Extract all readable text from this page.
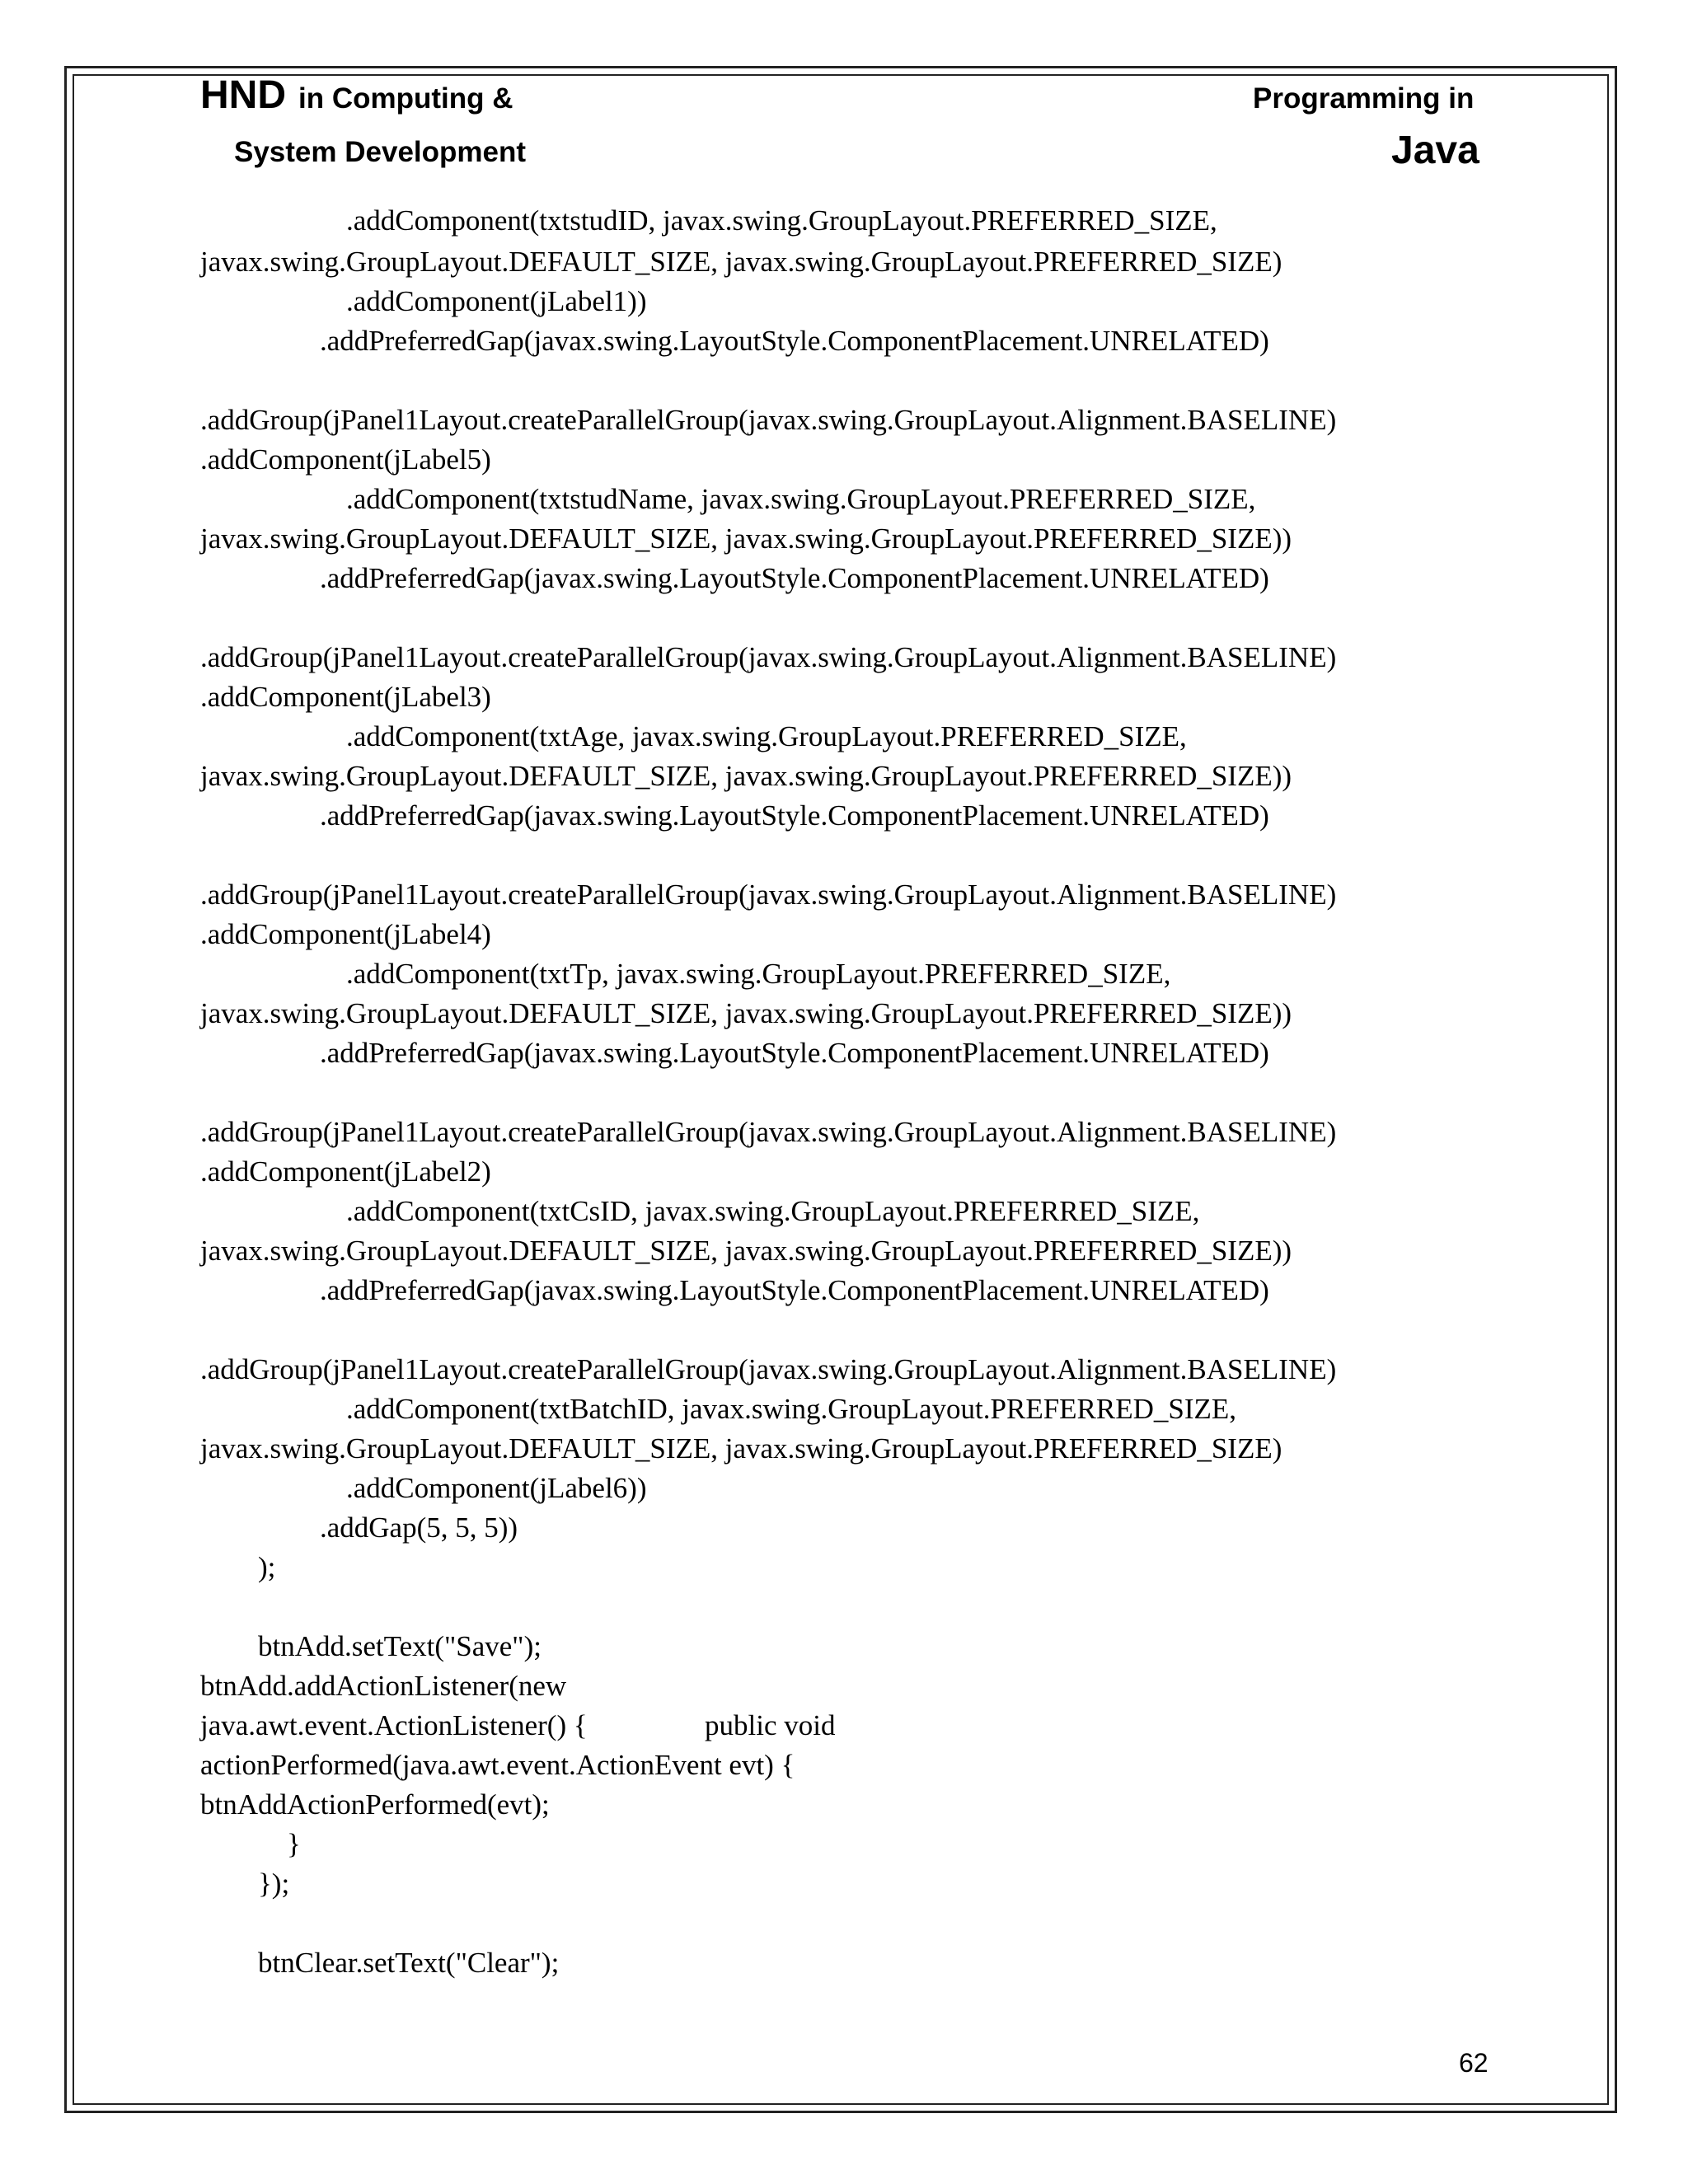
HND in Computing &
System Development
Programming in
Java
.addComponent(txtstudID, javax.swing.GroupLayout.PREFERRED_SIZE,
javax.swing.GroupLayout.DEFAULT_SIZE, javax.swing.GroupLayout.PREFERRED_SIZE)
.addComponent(jLabel1))
.addPreferredGap(javax.swing.LayoutStyle.ComponentPlacement.UNRELATED)
.addGroup(jPanel1Layout.createParallelGroup(javax.swing.GroupLayout.Alignment.BASELINE)
.addComponent(jLabel5)
.addComponent(txtstudName, javax.swing.GroupLayout.PREFERRED_SIZE,
javax.swing.GroupLayout.DEFAULT_SIZE, javax.swing.GroupLayout.PREFERRED_SIZE))
.addPreferredGap(javax.swing.LayoutStyle.ComponentPlacement.UNRELATED)
.addGroup(jPanel1Layout.createParallelGroup(javax.swing.GroupLayout.Alignment.BASELINE)
.addComponent(jLabel3)
.addComponent(txtAge, javax.swing.GroupLayout.PREFERRED_SIZE,
javax.swing.GroupLayout.DEFAULT_SIZE, javax.swing.GroupLayout.PREFERRED_SIZE))
.addPreferredGap(javax.swing.LayoutStyle.ComponentPlacement.UNRELATED)
.addGroup(jPanel1Layout.createParallelGroup(javax.swing.GroupLayout.Alignment.BASELINE)
.addComponent(jLabel4)
.addComponent(txtTp, javax.swing.GroupLayout.PREFERRED_SIZE,
javax.swing.GroupLayout.DEFAULT_SIZE, javax.swing.GroupLayout.PREFERRED_SIZE))
.addPreferredGap(javax.swing.LayoutStyle.ComponentPlacement.UNRELATED)
.addGroup(jPanel1Layout.createParallelGroup(javax.swing.GroupLayout.Alignment.BASELINE)
.addComponent(jLabel2)
.addComponent(txtCsID, javax.swing.GroupLayout.PREFERRED_SIZE,
javax.swing.GroupLayout.DEFAULT_SIZE, javax.swing.GroupLayout.PREFERRED_SIZE))
.addPreferredGap(javax.swing.LayoutStyle.ComponentPlacement.UNRELATED)
.addGroup(jPanel1Layout.createParallelGroup(javax.swing.GroupLayout.Alignment.BASELINE)
.addComponent(txtBatchID, javax.swing.GroupLayout.PREFERRED_SIZE,
javax.swing.GroupLayout.DEFAULT_SIZE, javax.swing.GroupLayout.PREFERRED_SIZE)
.addComponent(jLabel6))
.addGap(5, 5, 5))
);
btnAdd.setText("Save");
btnAdd.addActionListener(new
java.awt.event.ActionListener() {	public void
actionPerformed(java.awt.event.ActionEvent evt) {
btnAddActionPerformed(evt);
}
});
btnClear.setText("Clear");
62
